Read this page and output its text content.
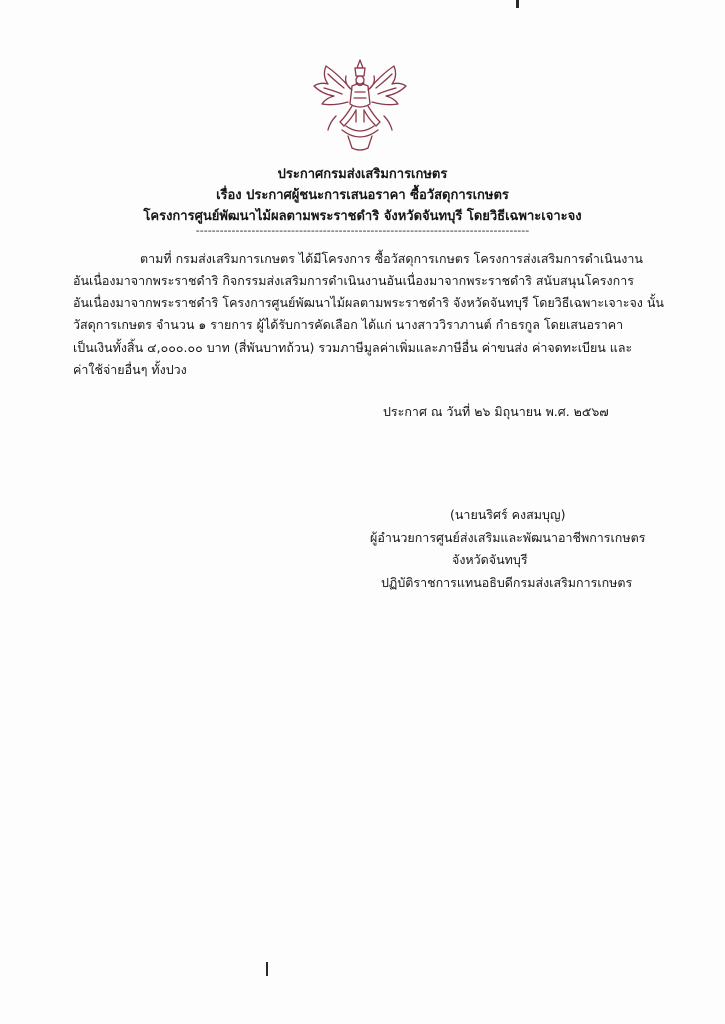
ประกาศกรมส่งเสริมการเกษตร
เรื่อง ประกาศผู้ชนะการเสนอราคา ซื้อวัสดุการเกษตร
โครงการศูนย์พัฒนาไม้ผลตามพระราชดำริ จังหวัดจันทบุรี โดยวิธีเฉพาะเจาะจง
------------------------------------------------------------------------------------
ตามที่ กรมส่งเสริมการเกษตร ได้มีโครงการ ซื้อวัสดุการเกษตร โครงการส่งเสริมการดำเนินงาน
อันเนื่องมาจากพระราชดำริ กิจกรรมส่งเสริมการดำเนินงานอันเนื่องมาจากพระราชดำริ สนับสนุนโครงการ
อันเนื่องมาจากพระราชดำริ โครงการศูนย์พัฒนาไม้ผลตามพระราชดำริ จังหวัดจันทบุรี โดยวิธีเฉพาะเจาะจง นั้น
วัสดุการเกษตร จำนวน ๑ รายการ ผู้ได้รับการคัดเลือก ได้แก่ นางสาววิราภานต์ กำธรกูล โดยเสนอราคา
เป็นเงินทั้งสิ้น ๔,๐๐๐.๐๐ บาท (สี่พันบาทถ้วน) รวมภาษีมูลค่าเพิ่มและภาษีอื่น ค่าขนส่ง ค่าจดทะเบียน และ
ค่าใช้จ่ายอื่นๆ ทั้งปวง
ประกาศ ณ วันที่ ๒๖ มิถุนายน พ.ศ. ๒๕๖๗
(นายนริศร์ คงสมบุญ)
ผู้อำนวยการศูนย์ส่งเสริมและพัฒนาอาชีพการเกษตร
จังหวัดจันทบุรี
ปฏิบัติราชการแทนอธิบดีกรมส่งเสริมการเกษตร
